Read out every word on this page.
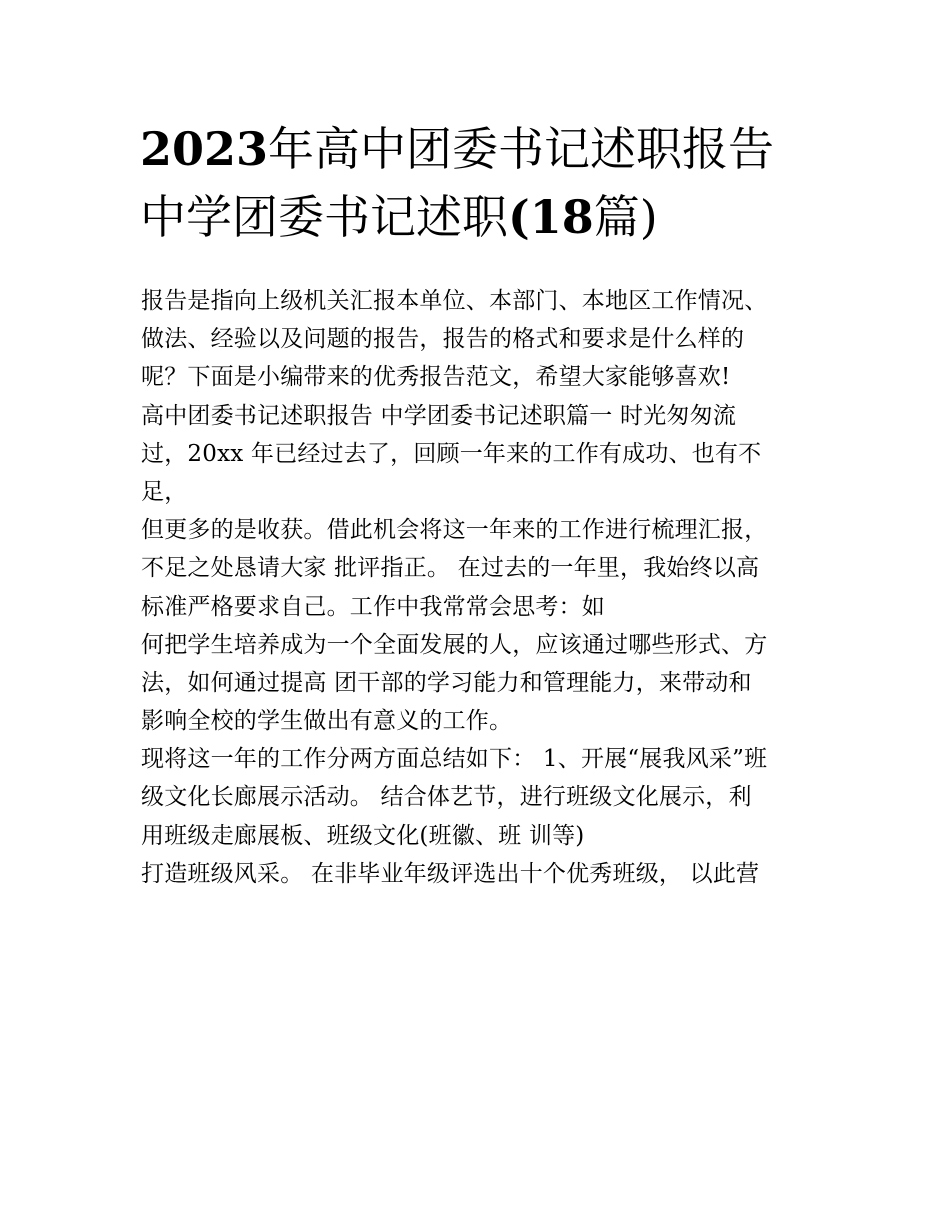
2023年高中团委书记述职报告
中学团委书记述职(18篇)
报告是指向上级机关汇报本单位、本部门、本地区工作情况、
做法、经验以及问题的报告，报告的格式和要求是什么样的
呢？下面是小编带来的优秀报告范文，希望大家能够喜欢!
高中团委书记述职报告 中学团委书记述职篇一 时光匆匆流
过，20xx 年已经过去了，回顾一年来的工作有成功、也有不
足，
但更多的是收获。借此机会将这一年来的工作进行梳理汇报，
不足之处恳请大家 批评指正。 在过去的一年里，我始终以高
标准严格要求自己。工作中我常常会思考：如
何把学生培养成为一个全面发展的人，应该通过哪些形式、方
法，如何通过提高 团干部的学习能力和管理能力，来带动和
影响全校的学生做出有意义的工作。
现将这一年的工作分两方面总结如下： 1、开展“展我风采”班
级文化长廊展示活动。 结合体艺节，进行班级文化展示，利
用班级走廊展板、班级文化(班徽、班 训等)
打造班级风采。 在非毕业年级评选出十个优秀班级， 以此营
